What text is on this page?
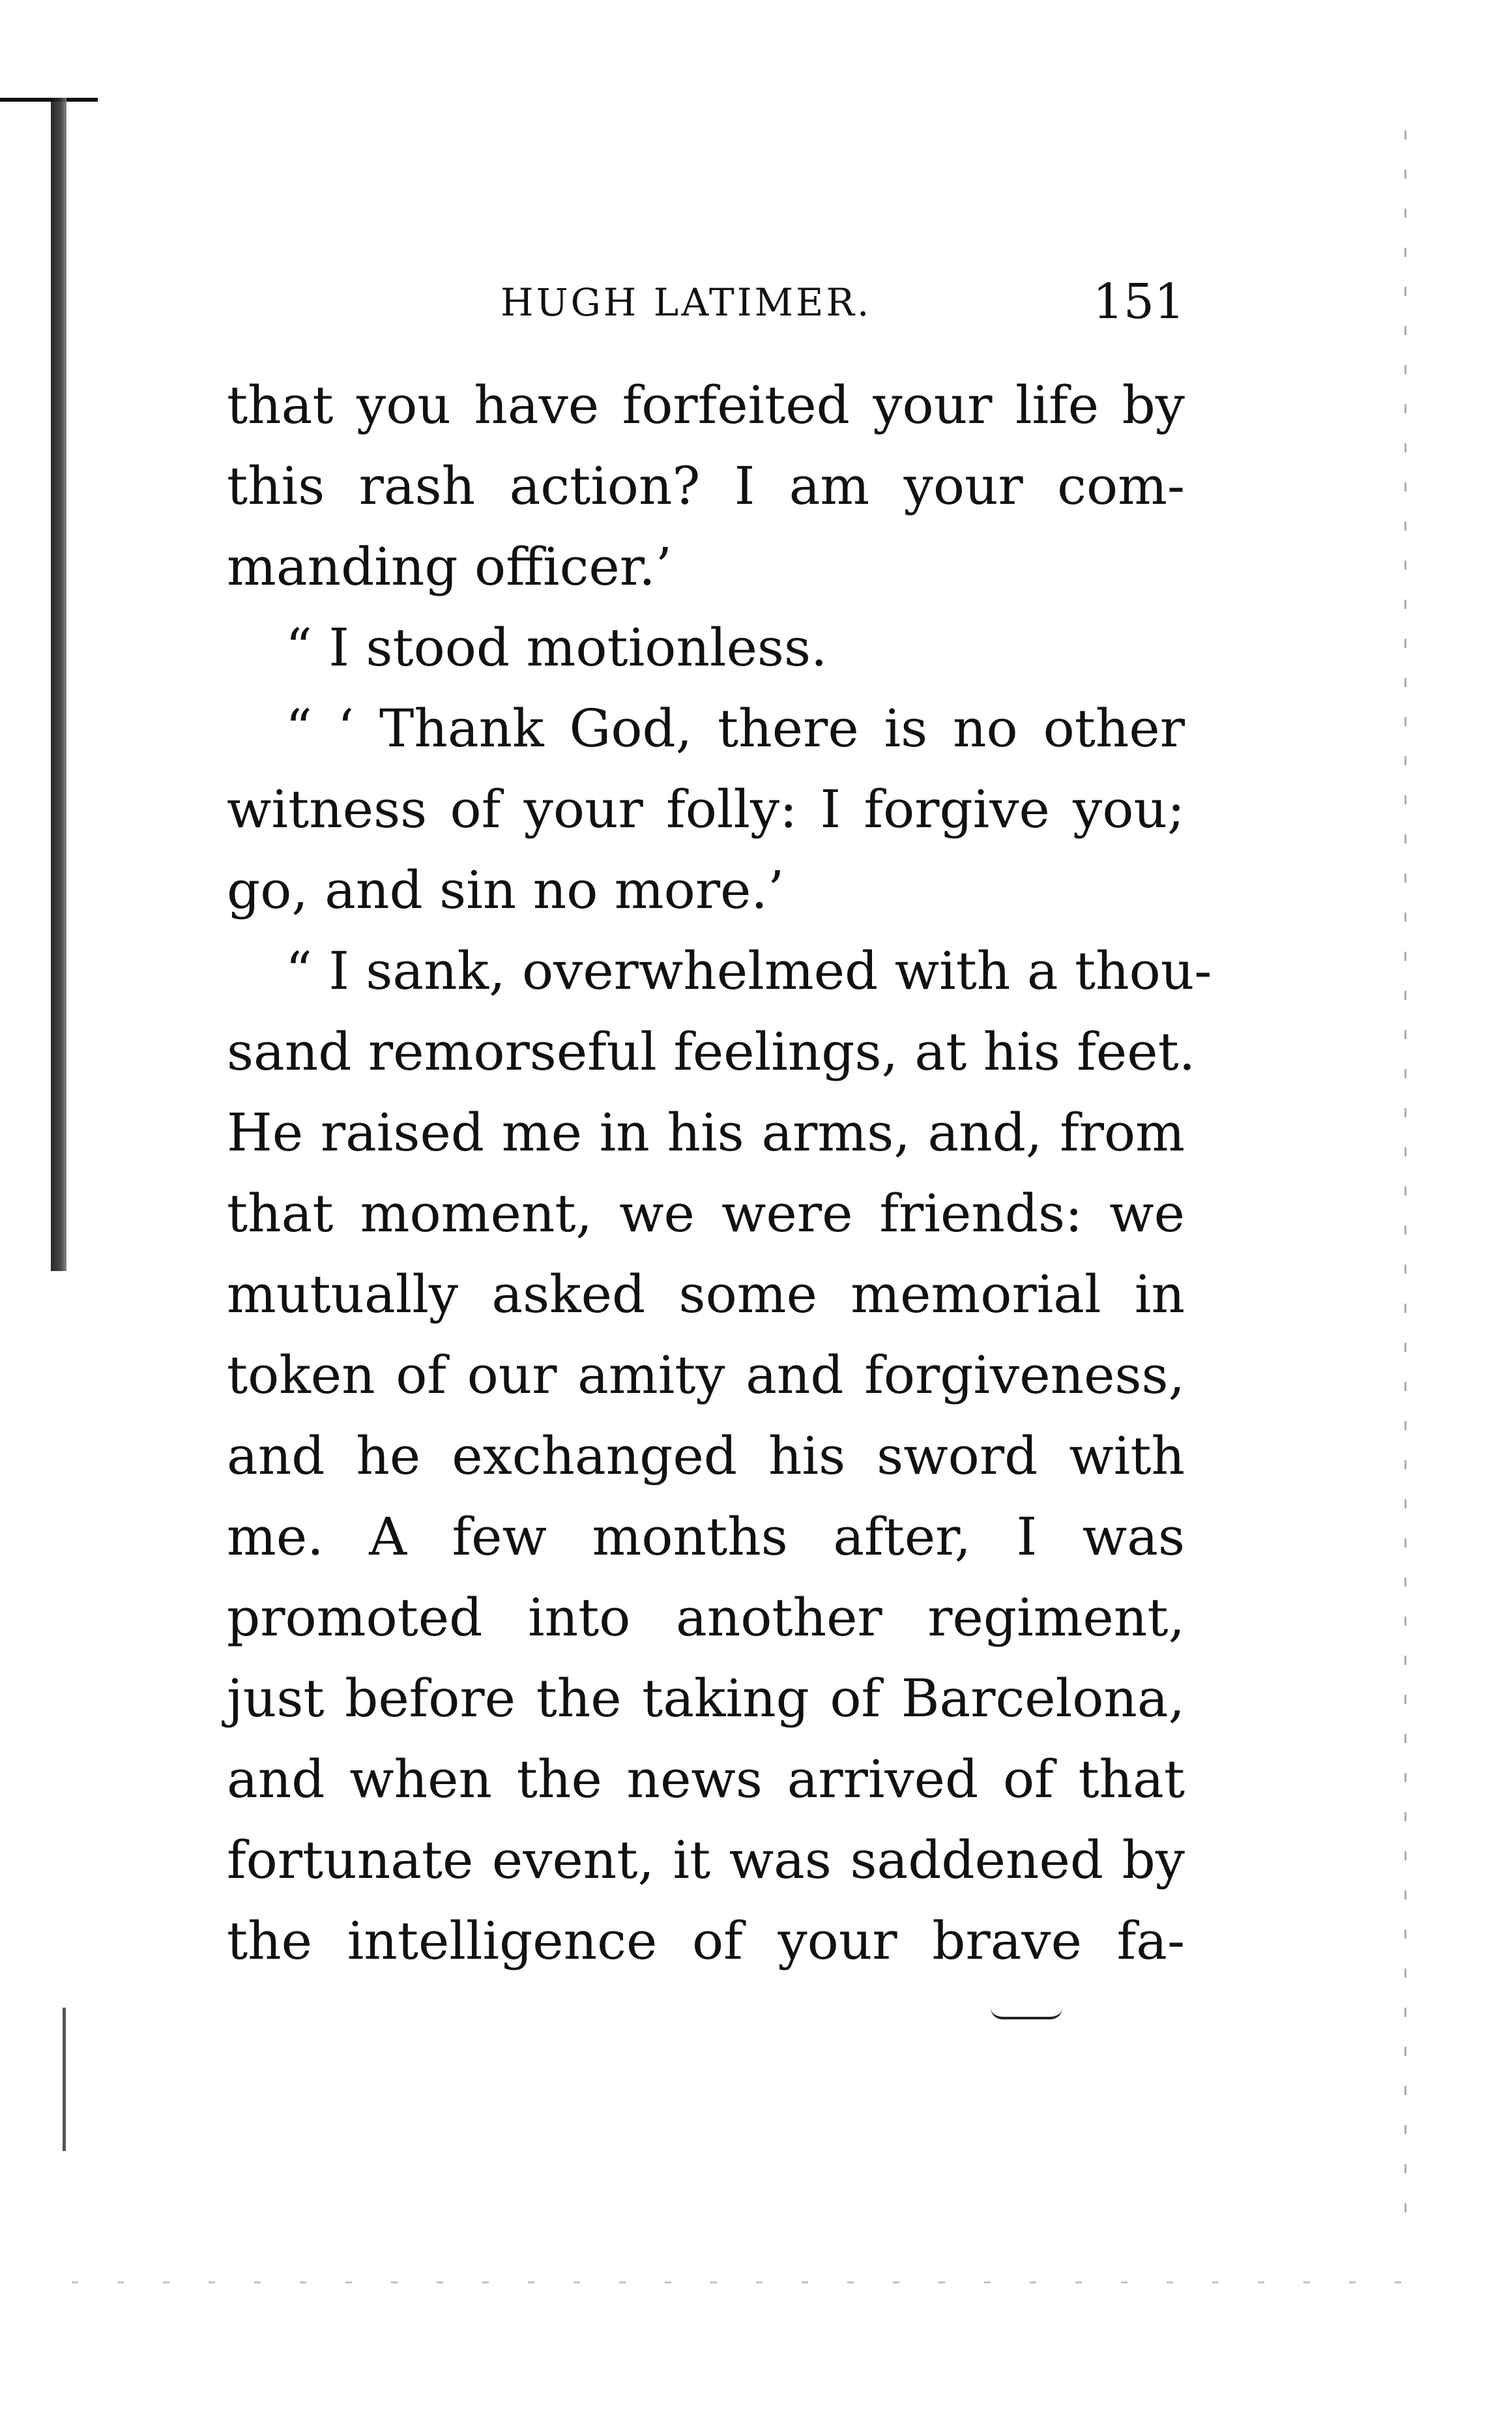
HUGH LATIMER.	151
that you have forfeited your life by
this rash action? I am your com-
manding officer.’
“ I stood motionless.
“ ‘ Thank God, there is no other
witness of your folly: I forgive you;
go, and sin no more.’
“ I sank, overwhelmed with a thou-
sand remorseful feelings, at his feet.
He raised me in his arms, and, from
that moment, we were friends: we
mutually asked some memorial in
token of our amity and forgiveness,
and he exchanged his sword with
me. A few months after, I was
promoted into another regiment,
just before the taking of Barcelona,
and when the news arrived of that
fortunate event, it was saddened by
the intelligence of your brave fa-
